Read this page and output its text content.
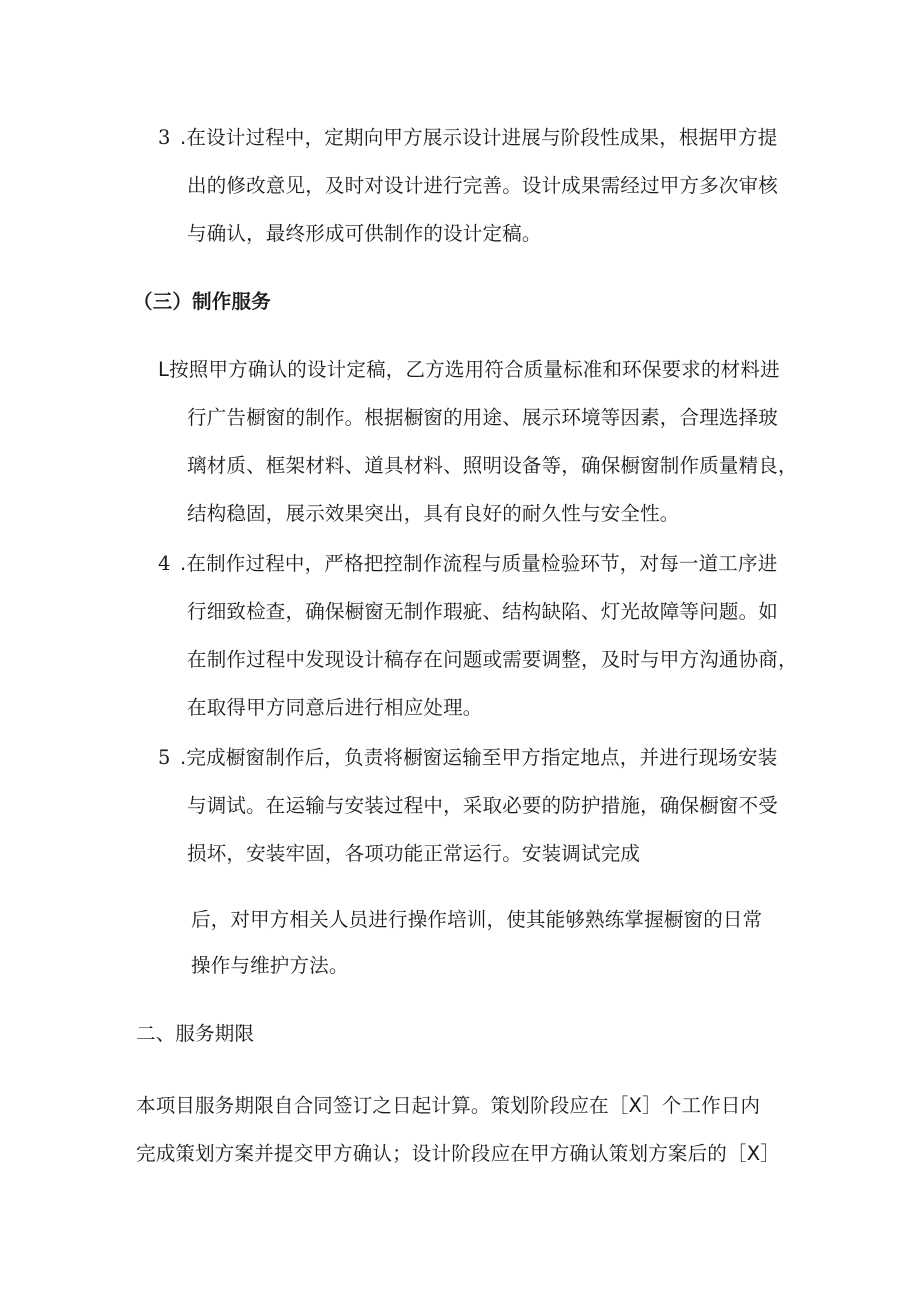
3 .在设计过程中，定期向甲方展示设计进展与阶段性成果，根据甲方提
出的修改意见，及时对设计进行完善。设计成果需经过甲方多次审核
与确认，最终形成可供制作的设计定稿。
（三）制作服务
L按照甲方确认的设计定稿，乙方选用符合质量标准和环保要求的材料进
行广告橱窗的制作。根据橱窗的用途、展示环境等因素，合理选择玻
璃材质、框架材料、道具材料、照明设备等，确保橱窗制作质量精良，
结构稳固，展示效果突出，具有良好的耐久性与安全性。
4 .在制作过程中，严格把控制作流程与质量检验环节，对每一道工序进
行细致检查，确保橱窗无制作瑕疵、结构缺陷、灯光故障等问题。如
在制作过程中发现设计稿存在问题或需要调整，及时与甲方沟通协商，
在取得甲方同意后进行相应处理。
5 .完成橱窗制作后，负责将橱窗运输至甲方指定地点，并进行现场安装
与调试。在运输与安装过程中，采取必要的防护措施，确保橱窗不受
损坏，安装牢固，各项功能正常运行。安装调试完成
后，对甲方相关人员进行操作培训，使其能够熟练掌握橱窗的日常
操作与维护方法。
二、服务期限
本项目服务期限自合同签订之日起计算。策划阶段应在［X］个工作日内
完成策划方案并提交甲方确认；设计阶段应在甲方确认策划方案后的［X］
